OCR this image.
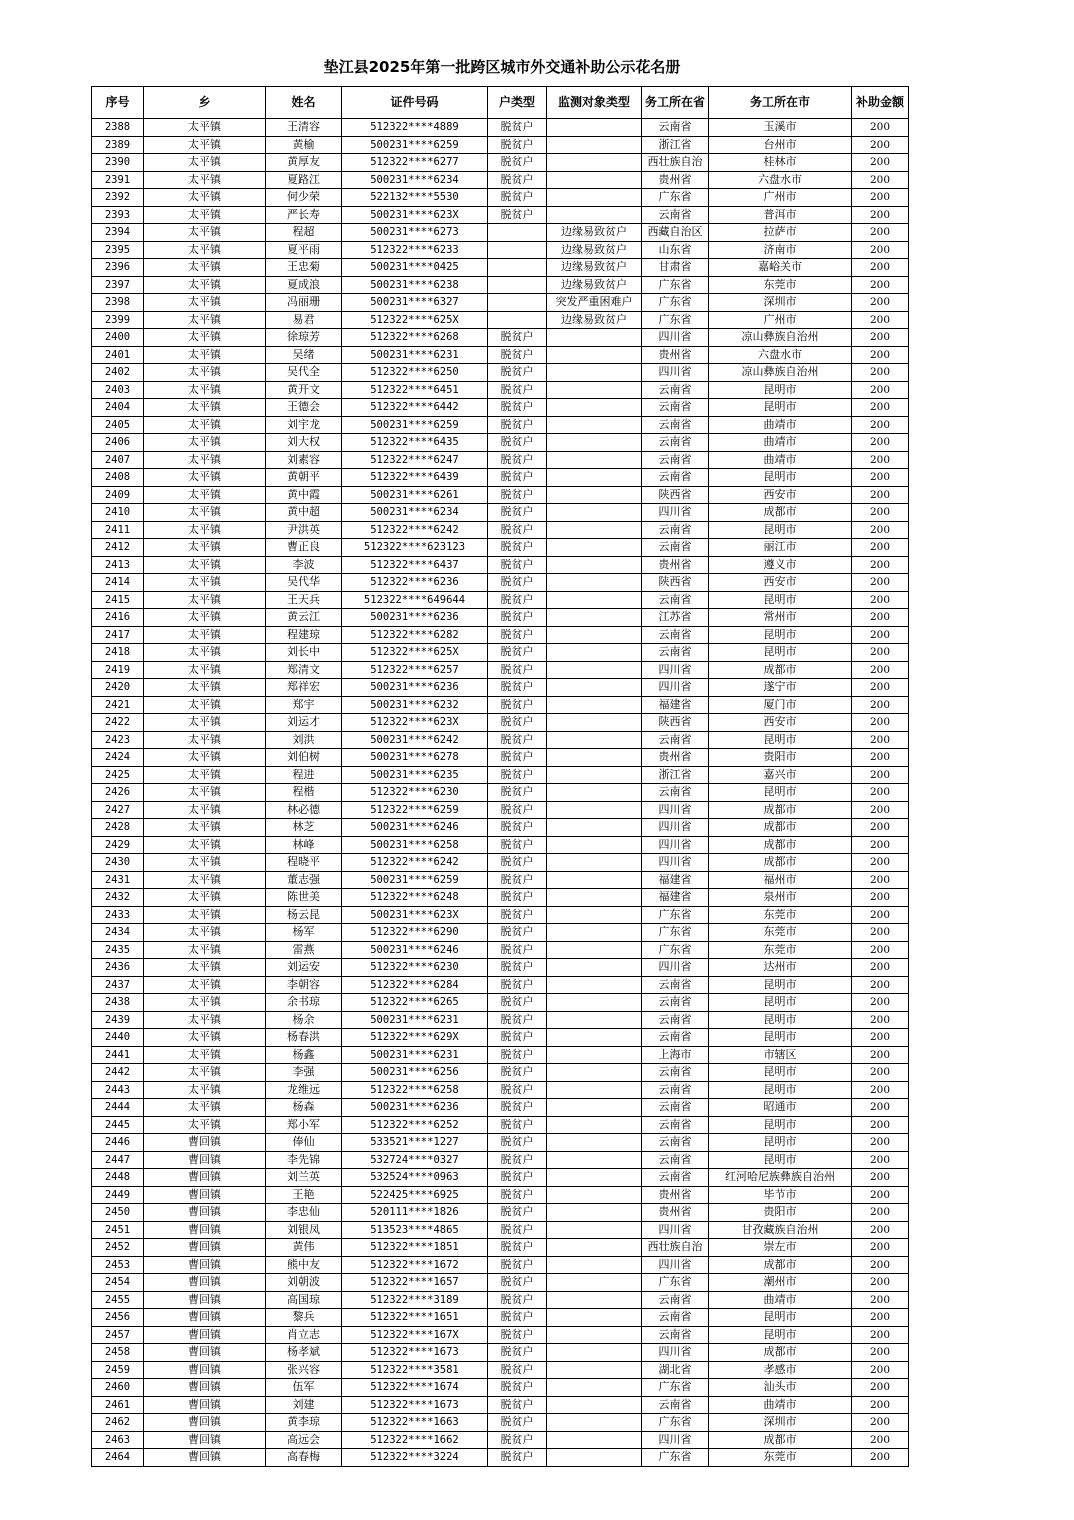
垫江县2025年第一批跨区城市外交通补助公示花名册
序号	乡	姓名	证件号码	户类型	监测对象类型	务工所在省	务工所在市	补助金额
2388	太平镇	王清容	512322****4889	脱贫户		云南省	玉溪市	200
2389	太平镇	黄榆	500231****6259	脱贫户		浙江省	台州市	200
2390	太平镇	黄厚友	512322****6277	脱贫户		西壮族自治	桂林市	200
2391	太平镇	夏路江	500231****6234	脱贫户		贵州省	六盘水市	200
2392	太平镇	何少荣	522132****5530	脱贫户		广东省	广州市	200
2393	太平镇	严长寿	500231****623X	脱贫户		云南省	普洱市	200
2394	太平镇	程超	500231****6273		边缘易致贫户	西藏自治区	拉萨市	200
2395	太平镇	夏平雨	512322****6233		边缘易致贫户	山东省	济南市	200
2396	太平镇	王忠菊	500231****0425		边缘易致贫户	甘肃省	嘉峪关市	200
2397	太平镇	夏成浪	500231****6238		边缘易致贫户	广东省	东莞市	200
2398	太平镇	冯丽珊	500231****6327		突发严重困难户	广东省	深圳市	200
2399	太平镇	易君	512322****625X		边缘易致贫户	广东省	广州市	200
2400	太平镇	徐琼芳	512322****6268	脱贫户		四川省	凉山彝族自治州	200
2401	太平镇	吴绪	500231****6231	脱贫户		贵州省	六盘水市	200
2402	太平镇	吴代全	512322****6250	脱贫户		四川省	凉山彝族自治州	200
2403	太平镇	黄开文	512322****6451	脱贫户		云南省	昆明市	200
2404	太平镇	王德会	512322****6442	脱贫户		云南省	昆明市	200
2405	太平镇	刘宇龙	500231****6259	脱贫户		云南省	曲靖市	200
2406	太平镇	刘大权	512322****6435	脱贫户		云南省	曲靖市	200
2407	太平镇	刘素容	512322****6247	脱贫户		云南省	曲靖市	200
2408	太平镇	黄朝平	512322****6439	脱贫户		云南省	昆明市	200
2409	太平镇	黄中霞	500231****6261	脱贫户		陕西省	西安市	200
2410	太平镇	黄中超	500231****6234	脱贫户		四川省	成都市	200
2411	太平镇	尹洪英	512322****6242	脱贫户		云南省	昆明市	200
2412	太平镇	曹正良	512322****623123	脱贫户		云南省	丽江市	200
2413	太平镇	李波	512322****6437	脱贫户		贵州省	遵义市	200
2414	太平镇	吴代华	512322****6236	脱贫户		陕西省	西安市	200
2415	太平镇	王天兵	512322****649644	脱贫户		云南省	昆明市	200
2416	太平镇	黄云江	500231****6236	脱贫户		江苏省	常州市	200
2417	太平镇	程建琼	512322****6282	脱贫户		云南省	昆明市	200
2418	太平镇	刘长中	512322****625X	脱贫户		云南省	昆明市	200
2419	太平镇	郑清文	512322****6257	脱贫户		四川省	成都市	200
2420	太平镇	郑祥宏	500231****6236	脱贫户		四川省	遂宁市	200
2421	太平镇	郑宇	500231****6232	脱贫户		福建省	厦门市	200
2422	太平镇	刘运才	512322****623X	脱贫户		陕西省	西安市	200
2423	太平镇	刘洪	500231****6242	脱贫户		云南省	昆明市	200
2424	太平镇	刘伯树	500231****6278	脱贫户		贵州省	贵阳市	200
2425	太平镇	程进	500231****6235	脱贫户		浙江省	嘉兴市	200
2426	太平镇	程楷	512322****6230	脱贫户		云南省	昆明市	200
2427	太平镇	林必德	512322****6259	脱贫户		四川省	成都市	200
2428	太平镇	林芝	500231****6246	脱贫户		四川省	成都市	200
2429	太平镇	林峰	500231****6258	脱贫户		四川省	成都市	200
2430	太平镇	程晓平	512322****6242	脱贫户		四川省	成都市	200
2431	太平镇	董志强	500231****6259	脱贫户		福建省	福州市	200
2432	太平镇	陈世美	512322****6248	脱贫户		福建省	泉州市	200
2433	太平镇	杨云昆	500231****623X	脱贫户		广东省	东莞市	200
2434	太平镇	杨军	512322****6290	脱贫户		广东省	东莞市	200
2435	太平镇	雷燕	500231****6246	脱贫户		广东省	东莞市	200
2436	太平镇	刘运安	512322****6230	脱贫户		四川省	达州市	200
2437	太平镇	李朝容	512322****6284	脱贫户		云南省	昆明市	200
2438	太平镇	余书琼	512322****6265	脱贫户		云南省	昆明市	200
2439	太平镇	杨余	500231****6231	脱贫户		云南省	昆明市	200
2440	太平镇	杨春洪	512322****629X	脱贫户		云南省	昆明市	200
2441	太平镇	杨鑫	500231****6231	脱贫户		上海市	市辖区	200
2442	太平镇	李强	500231****6256	脱贫户		云南省	昆明市	200
2443	太平镇	龙维远	512322****6258	脱贫户		云南省	昆明市	200
2444	太平镇	杨森	500231****6236	脱贫户		云南省	昭通市	200
2445	太平镇	郑小军	512322****6252	脱贫户		云南省	昆明市	200
2446	曹回镇	俸仙	533521****1227	脱贫户		云南省	昆明市	200
2447	曹回镇	李先锦	532724****0327	脱贫户		云南省	昆明市	200
2448	曹回镇	刘兰英	532524****0963	脱贫户		云南省	红河哈尼族彝族自治州	200
2449	曹回镇	王艳	522425****6925	脱贫户		贵州省	毕节市	200
2450	曹回镇	李忠仙	520111****1826	脱贫户		贵州省	贵阳市	200
2451	曹回镇	刘银凤	513523****4865	脱贫户		四川省	甘孜藏族自治州	200
2452	曹回镇	黄伟	512322****1851	脱贫户		西壮族自治	崇左市	200
2453	曹回镇	熊中友	512322****1672	脱贫户		四川省	成都市	200
2454	曹回镇	刘朝波	512322****1657	脱贫户		广东省	潮州市	200
2455	曹回镇	高国琼	512322****3189	脱贫户		云南省	曲靖市	200
2456	曹回镇	黎兵	512322****1651	脱贫户		云南省	昆明市	200
2457	曹回镇	肖立志	512322****167X	脱贫户		云南省	昆明市	200
2458	曹回镇	杨孝斌	512322****1673	脱贫户		四川省	成都市	200
2459	曹回镇	张兴容	512322****3581	脱贫户		湖北省	孝感市	200
2460	曹回镇	伍军	512322****1674	脱贫户		广东省	汕头市	200
2461	曹回镇	刘建	512322****1673	脱贫户		云南省	曲靖市	200
2462	曹回镇	黄李琼	512322****1663	脱贫户		广东省	深圳市	200
2463	曹回镇	高远会	512322****1662	脱贫户		四川省	成都市	200
2464	曹回镇	高春梅	512322****3224	脱贫户		广东省	东莞市	200
